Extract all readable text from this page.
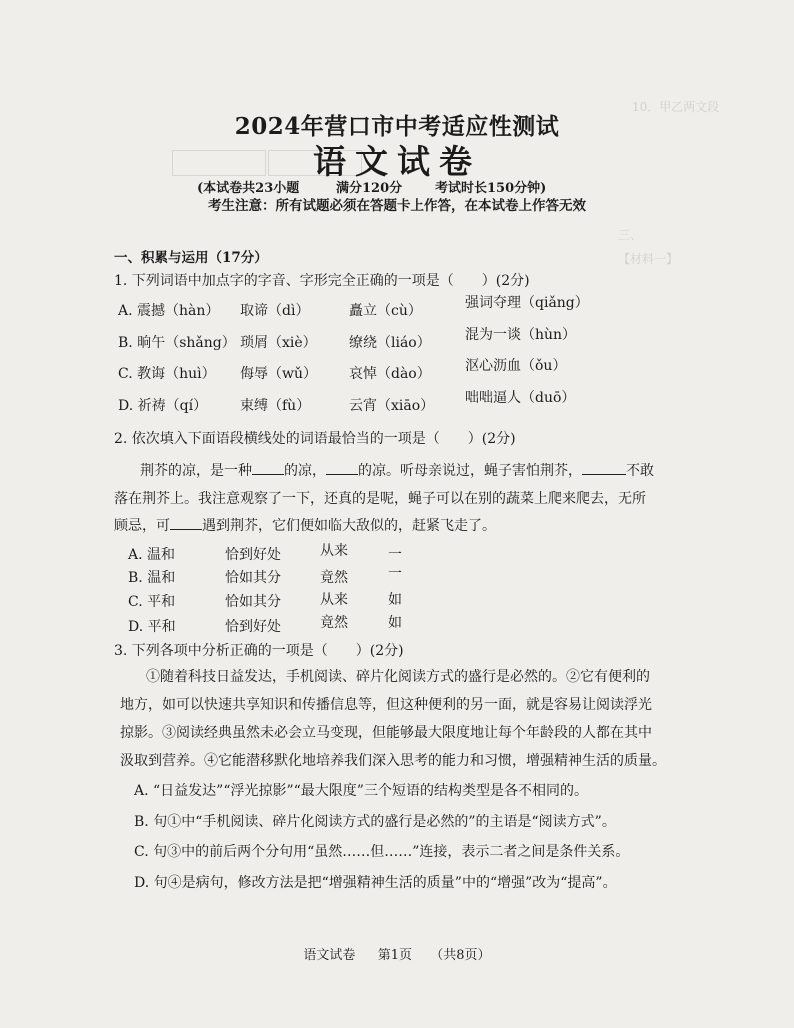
10．甲乙两文段
三、
【材料一】
2024年营口市中考适应性测试
语文试卷
(本试卷共23小题	满分120分	考试时长150分钟)
考生注意：所有试题必须在答题卡上作答，在本试卷上作答无效
一、积累与运用（17分）
1. 下列词语中加点字的字音、字形完全正确的一项是（　　）(2分)
A. 震撼（hàn） 取谛（dì）	矗立（cù）	强词夺理（qiǎng）
B. 晌午（shǎng） 琐屑（xiè） 缭绕（liáo） 混为一谈（hùn）
C. 教诲（huì） 侮辱（wǔ） 哀悼（dào） 沤心沥血（ǒu）
D. 祈祷（qí） 束缚（fù）	云宵（xiāo） 咄咄逼人（duō）
2. 依次填入下面语段横线处的词语最恰当的一项是（　　）(2分)
荆芥的凉，是一种 的凉， 的凉。听母亲说过，蝇子害怕荆芥，	不敢
落在荆芥上。我注意观察了一下，还真的是呢，蝇子可以在别的蔬菜上爬来爬去，无所
顾忌，可 遇到荆芥，它们便如临大敌似的，赶紧飞走了。
A. 温和	恰到好处	从来	一
B. 温和	恰如其分	竟然	一
C. 平和	恰如其分	从来	如
D. 平和	恰到好处	竟然	如
3. 下列各项中分析正确的一项是（　　）(2分)
①随着科技日益发达，手机阅读、碎片化阅读方式的盛行是必然的。②它有便利的
地方，如可以快速共享知识和传播信息等，但这种便利的另一面，就是容易让阅读浮光
掠影。③阅读经典虽然未必会立马变现，但能够最大限度地让每个年龄段的人都在其中
汲取到营养。④它能潜移默化地培养我们深入思考的能力和习惯，增强精神生活的质量。
A. “日益发达”“浮光掠影”“最大限度”三个短语的结构类型是各不相同的。
B. 句①中“手机阅读、碎片化阅读方式的盛行是必然的”的主语是“阅读方式”。
C. 句③中的前后两个分句用“虽然……但……”连接，表示二者之间是条件关系。
D. 句④是病句，修改方法是把“增强精神生活的质量”中的“增强”改为“提高”。
语文试卷 第1页 （共8页）
